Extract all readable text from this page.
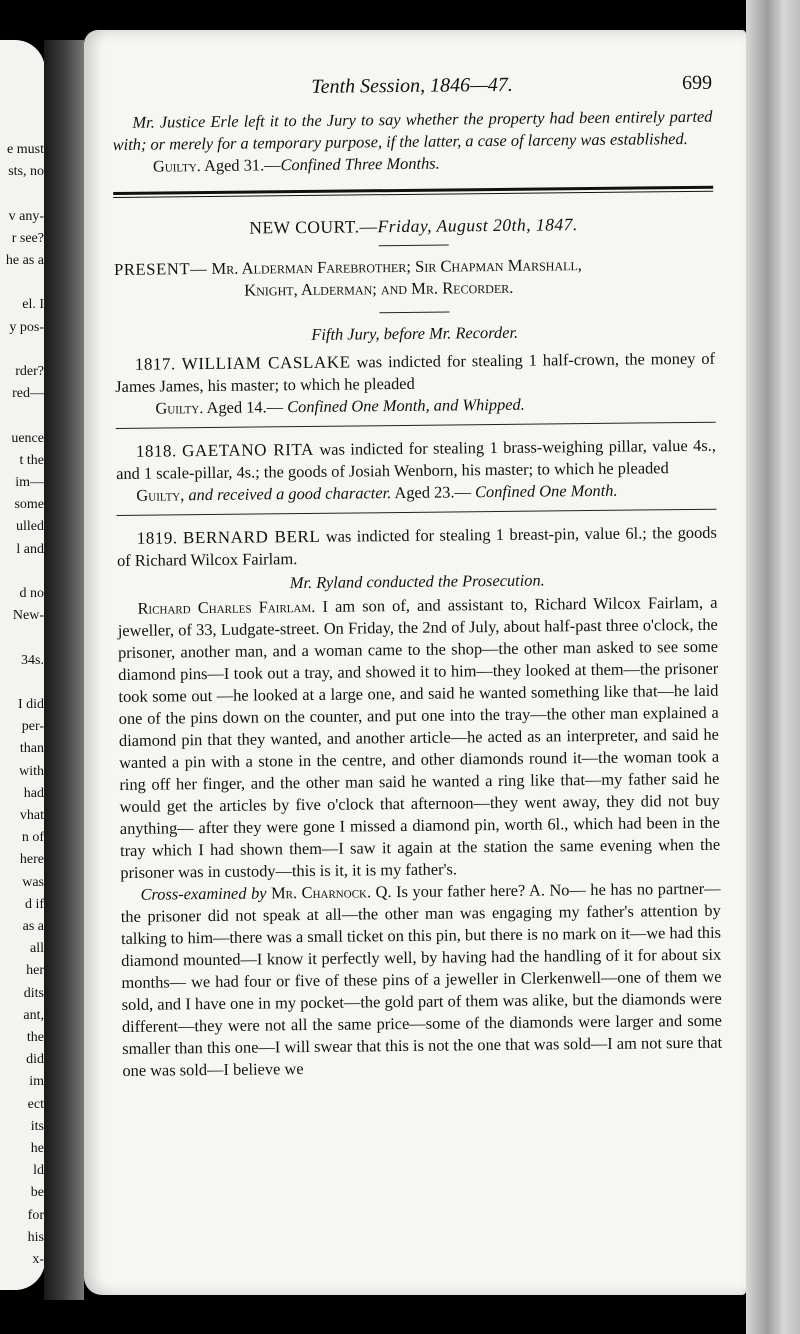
e must
sts, no
v any-
r see?
he as a
el. I
y pos-
rder?
red—
uence
t the
im—
some
ulled
l and
d no
New-
34s.
I did
per-
than
with
had
vhat
n of
here
was
d if
as a
all
her
dits
ant,
the
did
im
ect
its
he
ld
be
for
his
x-
Tenth Session, 1846—47.	699

Mr. Justice Erle left it to the Jury to say whether the property had been entirely parted with; or merely for a temporary purpose, if the latter, a case of larceny was established.

Guilty. Aged 31.—Confined Three Months.

NEW COURT.—Friday, August 20th, 1847.

PRESENT— Mr. Alderman Farebrother; Sir Chapman Marshall,
Knight, Alderman; and Mr. Recorder.

Fifth Jury, before Mr. Recorder.

1817. WILLIAM CASLAKE was indicted for stealing 1 half-crown, the money of James James, his master; to which he pleaded

Guilty. Aged 14.— Confined One Month, and Whipped.

1818. GAETANO RITA was indicted for stealing 1 brass-weighing pillar, value 4s., and 1 scale-pillar, 4s.; the goods of Josiah Wenborn, his master; to which he pleaded

Guilty, and received a good character. Aged 23.— Confined One Month.

1819. BERNARD BERL was indicted for stealing 1 breast-pin, value 6l.; the goods of Richard Wilcox Fairlam.

Mr. Ryland conducted the Prosecution.

Richard Charles Fairlam. I am son of, and assistant to, Richard Wilcox Fairlam, a jeweller, of 33, Ludgate-street. On Friday, the 2nd of July, about half-past three o'clock, the prisoner, another man, and a woman came to the shop—the other man asked to see some diamond pins—I took out a tray, and showed it to him—they looked at them—the prisoner took some out —he looked at a large one, and said he wanted something like that—he laid one of the pins down on the counter, and put one into the tray—the other man explained a diamond pin that they wanted, and another article—he acted as an interpreter, and said he wanted a pin with a stone in the centre, and other diamonds round it—the woman took a ring off her finger, and the other man said he wanted a ring like that—my father said he would get the articles by five o'clock that afternoon—they went away, they did not buy anything— after they were gone I missed a diamond pin, worth 6l., which had been in the tray which I had shown them—I saw it again at the station the same evening when the prisoner was in custody—this is it, it is my father's.

Cross-examined by Mr. Charnock. Q. Is your father here? A. No— he has no partner—the prisoner did not speak at all—the other man was engaging my father's attention by talking to him—there was a small ticket on this pin, but there is no mark on it—we had this diamond mounted—I know it perfectly well, by having had the handling of it for about six months— we had four or five of these pins of a jeweller in Clerkenwell—one of them we sold, and I have one in my pocket—the gold part of them was alike, but the diamonds were different—they were not all the same price—some of the diamonds were larger and some smaller than this one—I will swear that this is not the one that was sold—I am not sure that one was sold—I believe we
